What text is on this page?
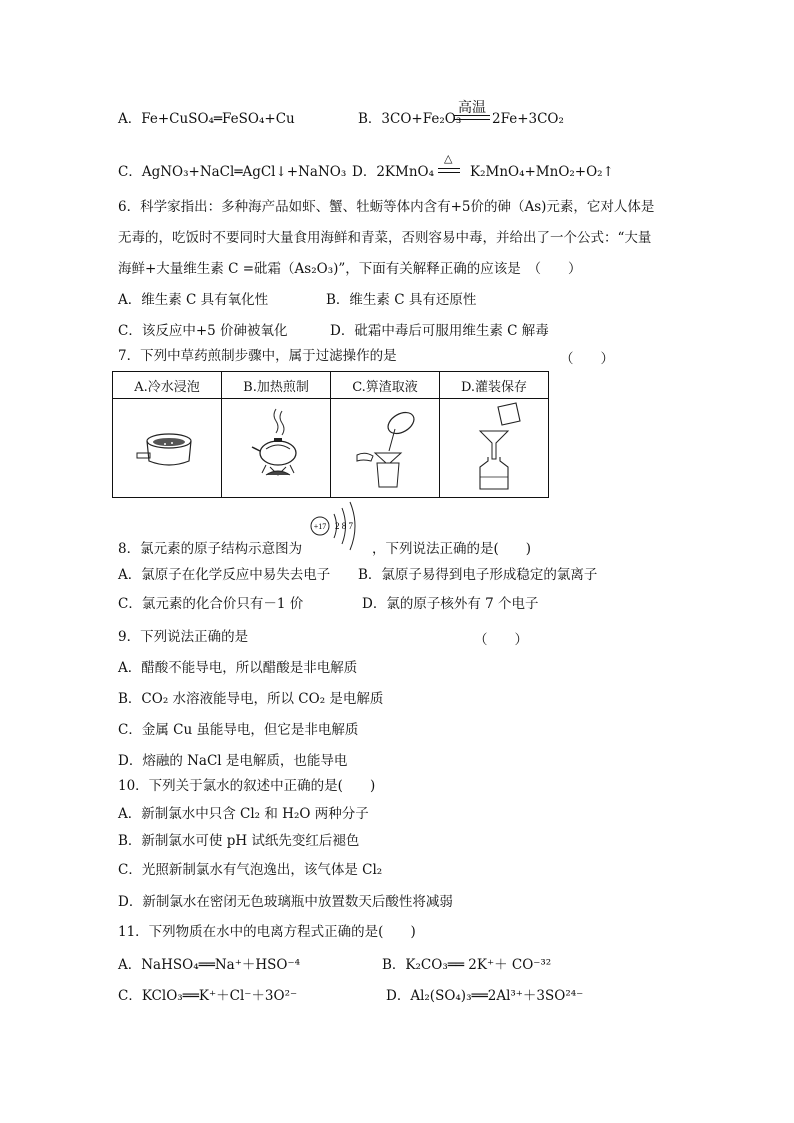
A．Fe+CuSO₄═FeSO₄+Cu	B．3CO+Fe₂O₃
高温
2Fe+3CO₂
C．AgNO₃+NaCl═AgCl↓+NaNO₃ D．2KMnO₄
△
K₂MnO₄+MnO₂+O₂↑
6．科学家指出：多种海产品如虾、蟹、牡蛎等体内含有+5价的砷（As)元素，它对人体是
无毒的，吃饭时不要同时大量食用海鲜和青菜，否则容易中毒，并给出了一个公式：“大量
海鲜+大量维生素 C =砒霜（As₂O₃)”，下面有关解释正确的应该是　（　　）
A．维生素 C 具有氧化性	B．维生素 C 具有还原性
C．该反应中+5 价砷被氧化	D．砒霜中毒后可服用维生素 C 解毒
7．下列中草药煎制步骤中，属于过滤操作的是	（　　）
A.冷水浸泡	B.加热煎制	C.箅渣取液	D.灌装保存

8．氯元素的原子结构示意图为
+17 2 8 7
，下列说法正确的是(　　)
A．氯原子在化学反应中易失去电子 B．氯原子易得到电子形成稳定的氯离子
C．氯元素的化合价只有－1 价	D．氯的原子核外有 7 个电子
9．下列说法正确的是	（　　）
A．醋酸不能导电，所以醋酸是非电解质
B．CO₂ 水溶液能导电，所以 CO₂ 是电解质
C．金属 Cu 虽能导电，但它是非电解质
D．熔融的 NaCl 是电解质，也能导电
10．下列关于氯水的叙述中正确的是(　　)
A．新制氯水中只含 Cl₂ 和 H₂O 两种分子
B．新制氯水可使 pH 试纸先变红后褪色
C．光照新制氯水有气泡逸出，该气体是 Cl₂
D．新制氯水在密闭无色玻璃瓶中放置数天后酸性将减弱
11．下列物质在水中的电离方程式正确的是(　　)
A．NaHSO₄══Na⁺＋HSO⁻⁴	B．K₂CO₃══ 2K⁺＋ CO⁻³²
C．KClO₃══K⁺＋Cl⁻＋3O²⁻	D．Al₂(SO₄)₃══2Al³⁺＋3SO²⁴⁻
